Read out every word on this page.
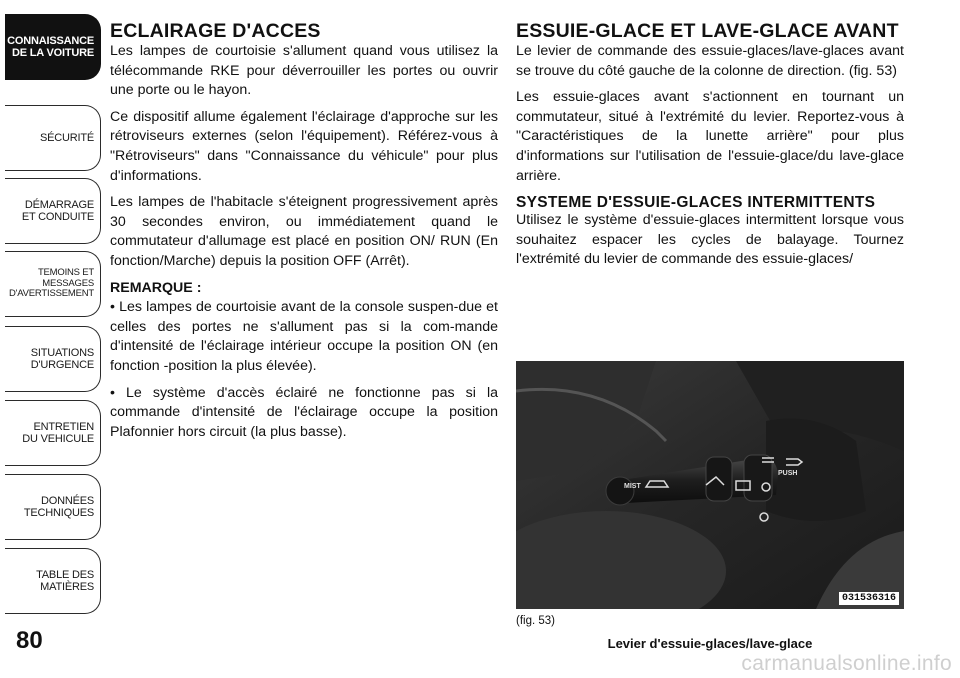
CONNAISSANCE
DE LA VOITURE
SÉCURITÉ
DÉMARRAGE
ET CONDUITE
TEMOINS ET
MESSAGES
D'AVERTISSEMENT
SITUATIONS
D'URGENCE
ENTRETIEN
DU VEHICULE
DONNÉES
TECHNIQUES
TABLE DES
MATIÈRES
80
ECLAIRAGE D'ACCES

Les lampes de courtoisie s'allument quand vous utilisez la télécommande RKE pour déverrouiller les portes ou ouvrir une porte ou le hayon.

Ce dispositif allume également l'éclairage d'approche sur les rétroviseurs externes (selon l'équipement). Référez-vous à "Rétroviseurs" dans "Connaissance du véhicule" pour plus d'informations.

Les lampes de l'habitacle s'éteignent progressivement après 30 secondes environ, ou immédiatement quand le commutateur d'allumage est placé en position ON/ RUN (En fonction/Marche) depuis la position OFF (Arrêt).

REMARQUE :

• Les lampes de courtoisie avant de la console suspen-due et celles des portes ne s'allument pas si la com-mande d'intensité de l'éclairage intérieur occupe la position ON (en fonction -position la plus élevée).

• Le système d'accès éclairé ne fonctionne pas si la commande d'intensité de l'éclairage occupe la position Plafonnier hors circuit (la plus basse).

ESSUIE-GLACE ET LAVE-GLACE AVANT

Le levier de commande des essuie-glaces/lave-glaces avant se trouve du côté gauche de la colonne de direction. (fig. 53)

Les essuie-glaces avant s'actionnent en tournant un commutateur, situé à l'extrémité du levier. Reportez-vous à "Caractéristiques de la lunette arrière" pour plus d'informations sur l'utilisation de l'essuie-glace/du lave-glace arrière.

SYSTEME D'ESSUIE-GLACES INTERMITTENTS

Utilisez le système d'essuie-glaces intermittent lorsque vous souhaitez espacer les cycles de balayage. Tournez l'extrémité du levier de commande des essuie-glaces/

MIST
PUSH
031536316
(fig. 53)
Levier d'essuie-glaces/lave-glace
carmanualsonline.info
